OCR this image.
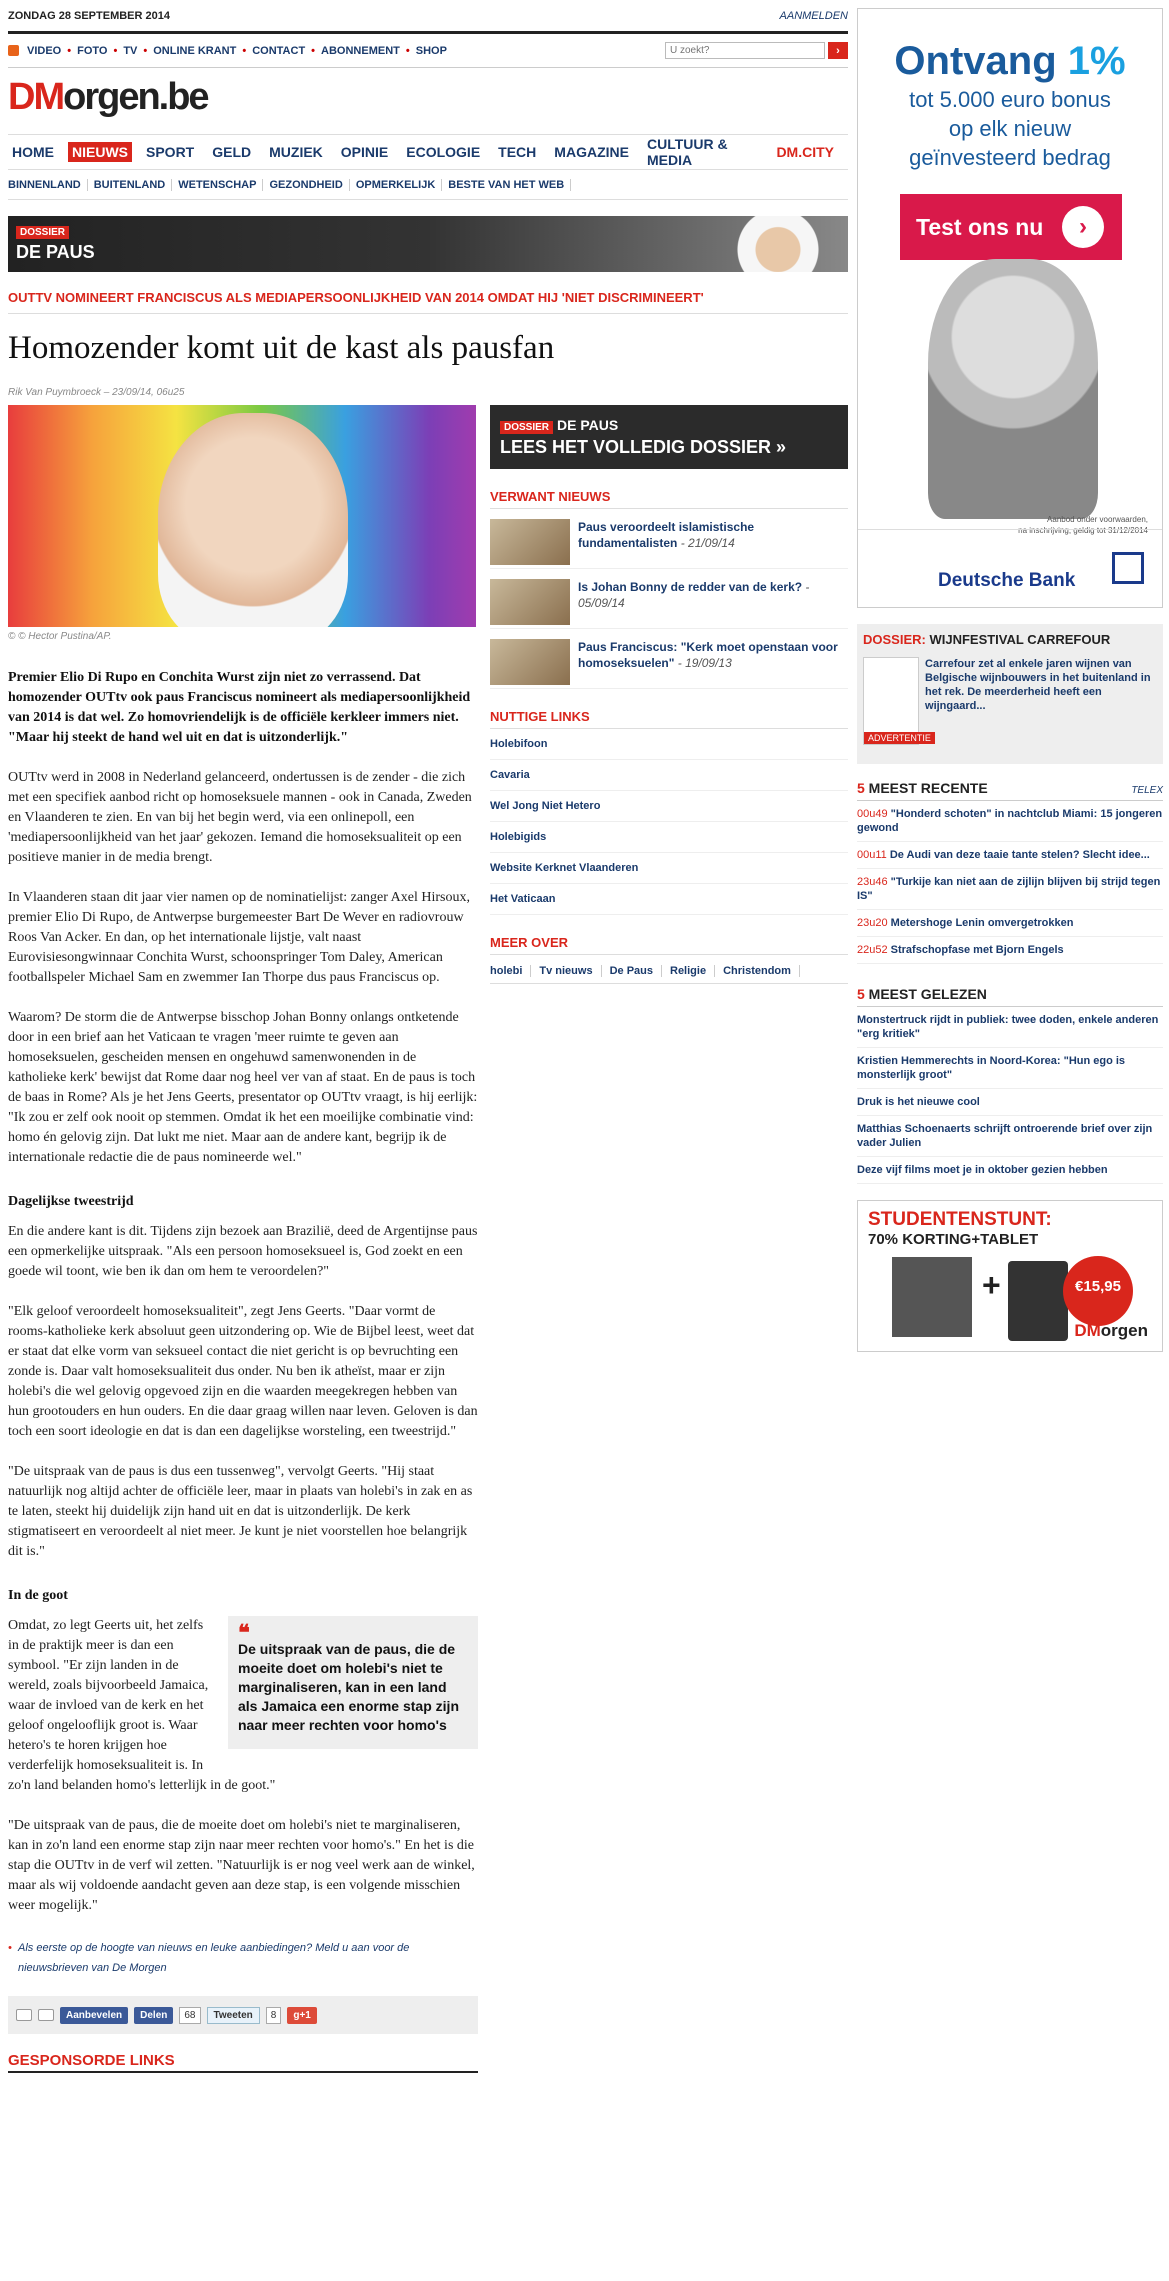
ZONDAG 28 SEPTEMBER 2014	AANMELDEN
VIDEO • FOTO • TV • ONLINE KRANT • CONTACT • ABONNEMENT • SHOP
U zoekt?	›
DM orgen.be
HOME NIEUWS SPORT GELD MUZIEK OPINIE ECOLOGIE TECH MAGAZINE CULTUUR & MEDIA	DM.CITY
BINNENLAND	BUITENLAND	WETENSCHAP	GEZONDHEID	OPMERKELIJK	BESTE VAN HET WEB
DOSSIER
DE PAUS
OUTTV NOMINEERT FRANCISCUS ALS MEDIAPERSOONLIJKHEID VAN 2014 OMDAT HIJ 'NIET DISCRIMINEERT'
Homozender komt uit de kast als pausfan
Rik Van Puymbroeck – 23/09/14, 06u25
© © Hector Pustina/AP.
Premier Elio Di Rupo en Conchita Wurst zijn niet zo verrassend. Dat homozender OUTtv ook paus Franciscus nomineert als mediapersoonlijkheid van 2014 is dat wel. Zo homovriendelijk is de officiële kerkleer immers niet. "Maar hij steekt de hand wel uit en dat is uitzonderlijk."

OUTtv werd in 2008 in Nederland gelanceerd, ondertussen is de zender - die zich met een specifiek aanbod richt op homoseksuele mannen - ook in Canada, Zweden en Vlaanderen te zien. En van bij het begin werd, via een onlinepoll, een 'mediapersoonlijkheid van het jaar' gekozen. Iemand die homoseksualiteit op een positieve manier in de media brengt.

In Vlaanderen staan dit jaar vier namen op de nominatielijst: zanger Axel Hirsoux, premier Elio Di Rupo, de Antwerpse burgemeester Bart De Wever en radiovrouw Roos Van Acker. En dan, op het internationale lijstje, valt naast Eurovisiesongwinnaar Conchita Wurst, schoonspringer Tom Daley, American footballspeler Michael Sam en zwemmer Ian Thorpe dus paus Franciscus op.

Waarom? De storm die de Antwerpse bisschop Johan Bonny onlangs ontketende door in een brief aan het Vaticaan te vragen 'meer ruimte te geven aan homoseksuelen, gescheiden mensen en ongehuwd samenwonenden in de katholieke kerk' bewijst dat Rome daar nog heel ver van af staat. En de paus is toch de baas in Rome? Als je het Jens Geerts, presentator op OUTtv vraagt, is hij eerlijk: "Ik zou er zelf ook nooit op stemmen. Omdat ik het een moeilijke combinatie vind: homo én gelovig zijn. Dat lukt me niet. Maar aan de andere kant, begrijp ik de internationale redactie die de paus nomineerde wel."

Dagelijkse tweestrijd

En die andere kant is dit. Tijdens zijn bezoek aan Brazilië, deed de Argentijnse paus een opmerkelijke uitspraak. "Als een persoon homoseksueel is, God zoekt en een goede wil toont, wie ben ik dan om hem te veroordelen?"

"Elk geloof veroordeelt homoseksualiteit", zegt Jens Geerts. "Daar vormt de rooms-katholieke kerk absoluut geen uitzondering op. Wie de Bijbel leest, weet dat er staat dat elke vorm van seksueel contact die niet gericht is op bevruchting een zonde is. Daar valt homoseksualiteit dus onder. Nu ben ik atheïst, maar er zijn holebi's die wel gelovig opgevoed zijn en die waarden meegekregen hebben van hun grootouders en hun ouders. En die daar graag willen naar leven. Geloven is dan toch een soort ideologie en dat is dan een dagelijkse worsteling, een tweestrijd."

"De uitspraak van de paus is dus een tussenweg", vervolgt Geerts. "Hij staat natuurlijk nog altijd achter de officiële leer, maar in plaats van holebi's in zak en as te laten, steekt hij duidelijk zijn hand uit en dat is uitzonderlijk. De kerk stigmatiseert en veroordeelt al niet meer. Je kunt je niet voorstellen hoe belangrijk dit is."

In de goot
❝
De uitspraak van de paus, die de moeite doet om holebi's niet te marginaliseren, kan in een land als Jamaica een enorme stap zijn naar meer rechten voor homo's

Omdat, zo legt Geerts uit, het zelfs in de praktijk meer is dan een symbool. "Er zijn landen in de wereld, zoals bijvoorbeeld Jamaica, waar de invloed van de kerk en het geloof ongelooflijk groot is. Waar hetero's te horen krijgen hoe verderfelijk homoseksualiteit is. In zo'n land belanden homo's letterlijk in de goot."

"De uitspraak van de paus, die de moeite doet om holebi's niet te marginaliseren, kan in zo'n land een enorme stap zijn naar meer rechten voor homo's." En het is die stap die OUTtv in de verf wil zetten. "Natuurlijk is er nog veel werk aan de winkel, maar als wij voldoende aandacht geven aan deze stap, is een volgende misschien weer mogelijk."

• Als eerste op de hoogte van nieuws en leuke aanbiedingen? Meld u aan voor de nieuwsbrieven van De Morgen
Aanbevelen	Delen	68	Tweeten	8	g+1
GESPONSORDE LINKS
DOSSIER DE PAUS
LEES HET VOLLEDIG DOSSIER »
VERWANT NIEUWS
Paus veroordeelt islamistische fundamentalisten - 21/09/14
Is Johan Bonny de redder van de kerk? - 05/09/14
Paus Franciscus: "Kerk moet openstaan voor homoseksuelen" - 19/09/13
NUTTIGE LINKS
Holebifoon
Cavaria
Wel Jong Niet Hetero
Holebigids
Website Kerknet Vlaanderen
Het Vaticaan
MEER OVER
holebi	Tv nieuws	De Paus	Religie	Christendom
Ontvang 1%
tot 5.000 euro bonus
op elk nieuw
geïnvesteerd bedrag
Test ons nu	›
Aanbod onder voorwaarden,
na inschrijving, geldig tot 31/12/2014
Deutsche Bank
DOSSIER: WIJNFESTIVAL CARREFOUR
ADVERTENTIE
Carrefour zet al enkele jaren wijnen van Belgische wijnbouwers in het buitenland in het rek. De meerderheid heeft een wijngaard...
5 MEEST RECENTE	TELEX
00u49 "Honderd schoten" in nachtclub Miami: 15 jongeren gewond
00u11 De Audi van deze taaie tante stelen? Slecht idee...
23u46 "Turkije kan niet aan de zijlijn blijven bij strijd tegen IS"
23u20 Metershoge Lenin omvergetrokken
22u52 Strafschopfase met Bjorn Engels
5 MEEST GELEZEN
Monstertruck rijdt in publiek: twee doden, enkele anderen "erg kritiek"
Kristien Hemmerechts in Noord-Korea: "Hun ego is monsterlijk groot"
Druk is het nieuwe cool
Matthias Schoenaerts schrijft ontroerende brief over zijn vader Julien
Deze vijf films moet je in oktober gezien hebben
STUDENTENSTUNT:
70% KORTING+TABLET
+	€15,95
DMorgen
